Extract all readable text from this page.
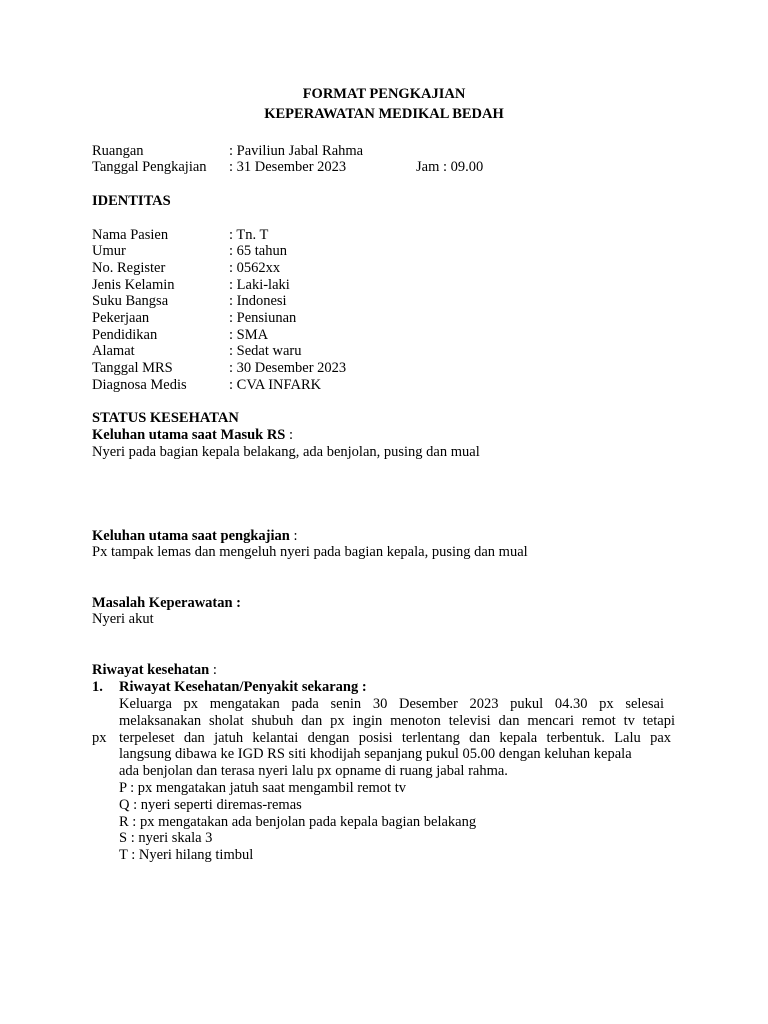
FORMAT PENGKAJIAN
KEPERAWATAN MEDIKAL BEDAH
Ruangan	: Paviliun Jabal Rahma
Tanggal Pengkajian : 31 Desember 2023	Jam : 09.00
IDENTITAS
Nama Pasien	: Tn. T
Umur	: 65 tahun
No. Register	: 0562xx
Jenis Kelamin	: Laki-laki
Suku Bangsa	: Indonesi
Pekerjaan	: Pensiunan
Pendidikan	: SMA
Alamat	: Sedat waru
Tanggal MRS	: 30 Desember 2023
Diagnosa Medis	: CVA INFARK
STATUS KESEHATAN
Keluhan utama saat Masuk RS :
Nyeri pada bagian kepala belakang, ada benjolan, pusing dan mual
Keluhan utama saat pengkajian :
Px tampak lemas dan mengeluh nyeri pada bagian kepala, pusing dan mual
Masalah Keperawatan :
Nyeri akut
Riwayat kesehatan :
1. Riwayat Kesehatan/Penyakit sekarang :
Keluarga px mengatakan pada senin 30 Desember 2023 pukul 04.30 px selesai
melaksanakan sholat shubuh dan px ingin menoton televisi dan mencari remot tv tetapi
px terpeleset dan jatuh kelantai dengan posisi terlentang dan kepala terbentuk. Lalu pax
langsung dibawa ke IGD RS siti khodijah sepanjang pukul 05.00 dengan keluhan kepala
ada benjolan dan terasa nyeri lalu px opname di ruang jabal rahma.
P : px mengatakan jatuh saat mengambil remot tv
Q : nyeri seperti diremas-remas
R : px mengatakan ada benjolan pada kepala bagian belakang
S : nyeri skala 3
T : Nyeri hilang timbul
